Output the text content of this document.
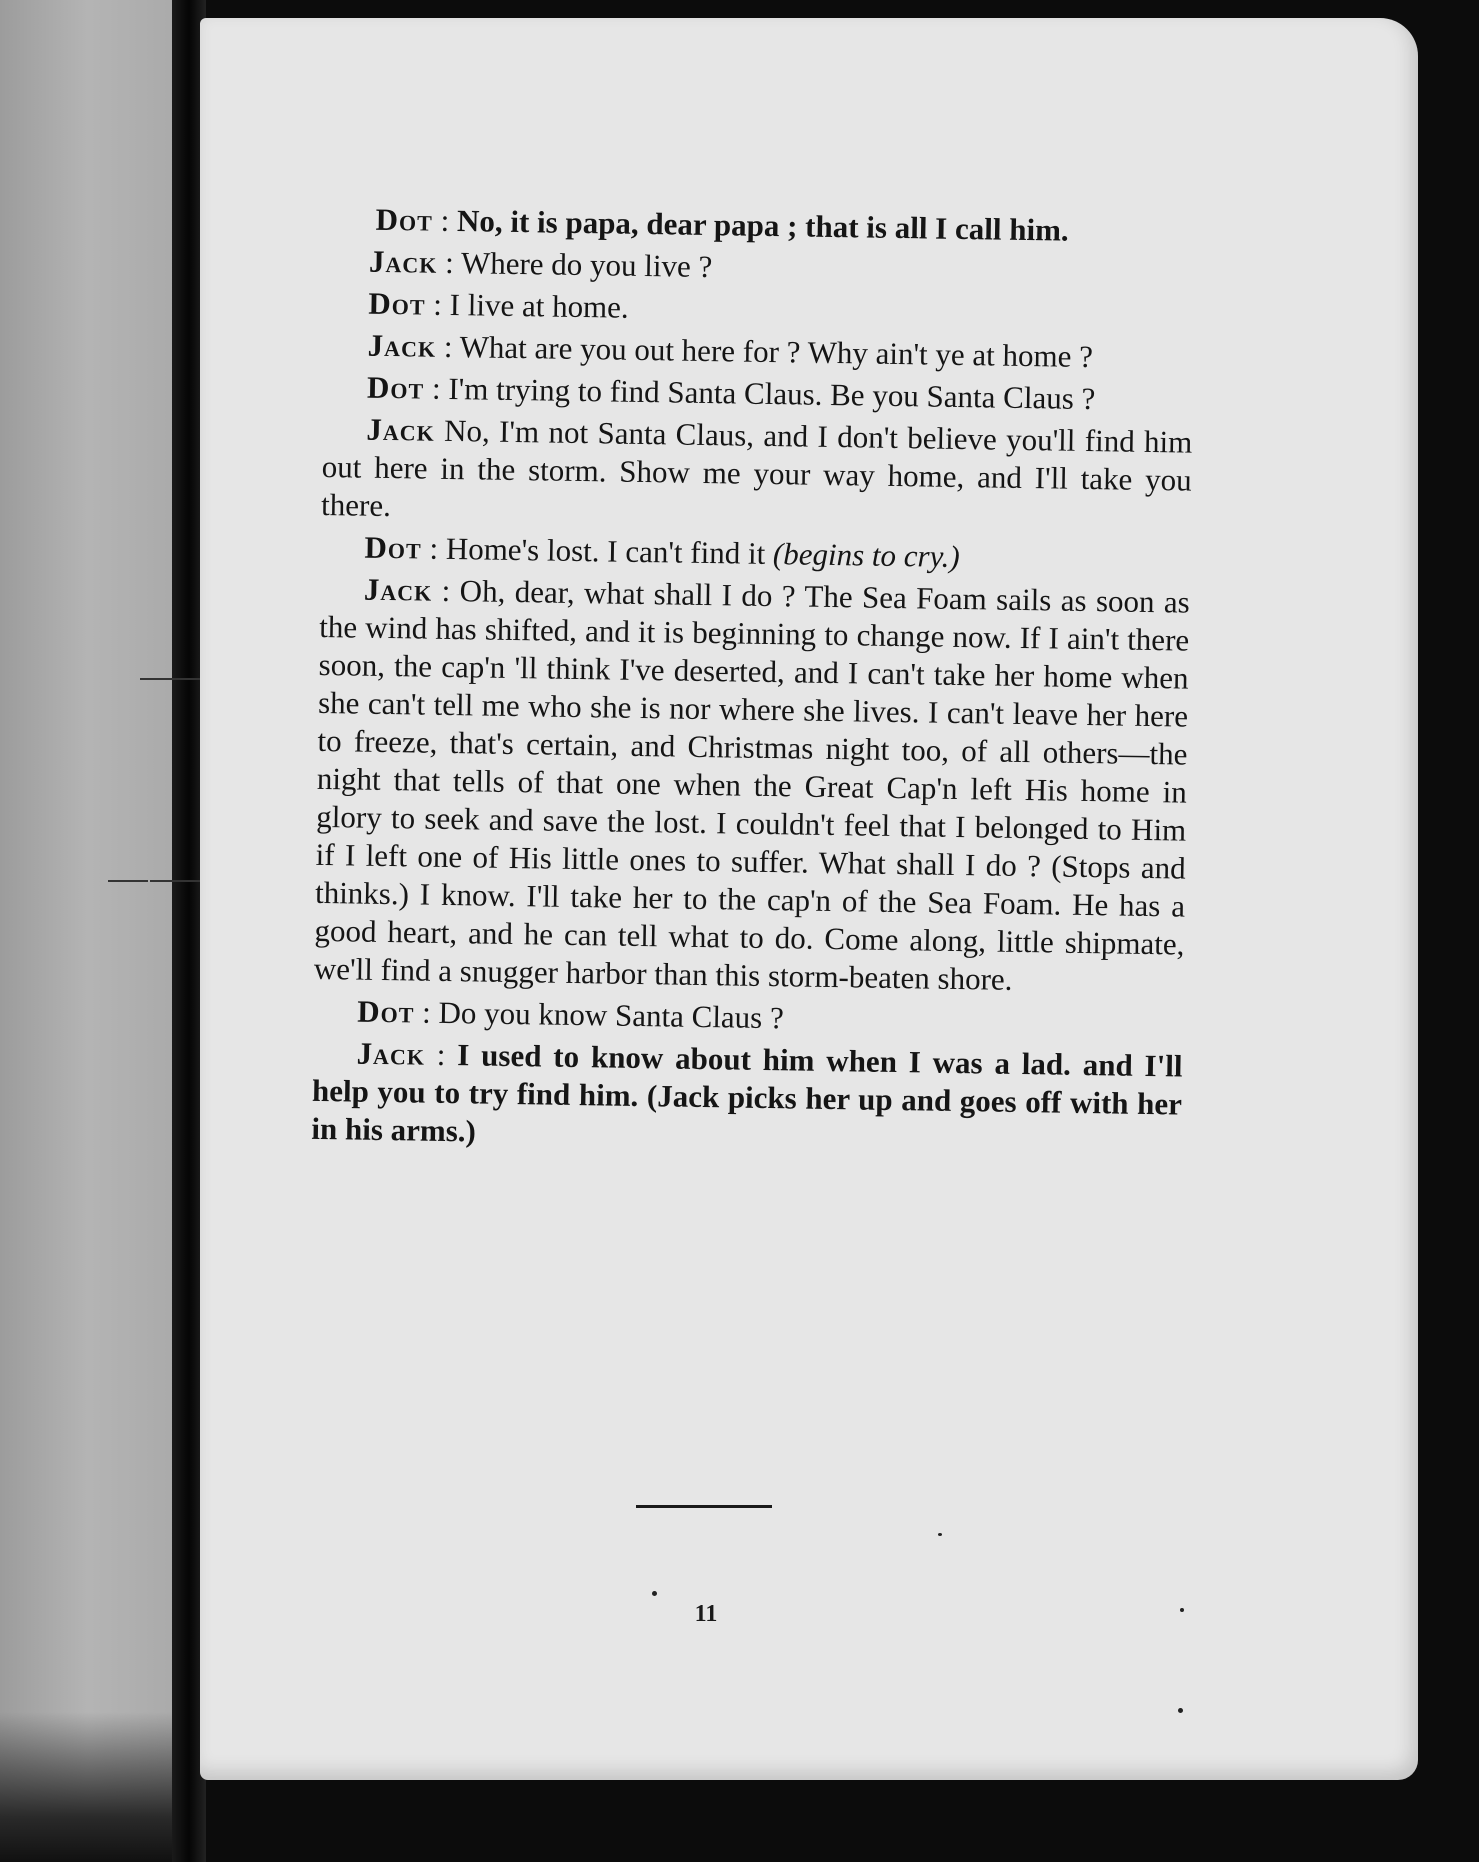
Dot : No, it is papa, dear papa ; that is all I call him.

Jack : Where do you live ?

Dot : I live at home.

Jack : What are you out here for ? Why ain't ye at home ?

Dot : I'm trying to find Santa Claus. Be you Santa Claus ?

Jack No, I'm not Santa Claus, and I don't believe you'll find him out here in the storm. Show me your way home, and I'll take you there.

Dot : Home's lost. I can't find it (begins to cry.)

Jack : Oh, dear, what shall I do ? The Sea Foam sails as soon as the wind has shifted, and it is beginning to change now. If I ain't there soon, the cap'n 'll think I've deserted, and I can't take her home when she can't tell me who she is nor where she lives. I can't leave her here to freeze, that's certain, and Christmas night too, of all others—the night that tells of that one when the Great Cap'n left His home in glory to seek and save the lost. I couldn't feel that I belonged to Him if I left one of His little ones to suffer. What shall I do ? (Stops and thinks.) I know. I'll take her to the cap'n of the Sea Foam. He has a good heart, and he can tell what to do. Come along, little shipmate, we'll find a snugger harbor than this storm-beaten shore.

Dot : Do you know Santa Claus ?

Jack : I used to know about him when I was a lad. and I'll help you to try find him. (Jack picks her up and goes off with her in his arms.)

11
